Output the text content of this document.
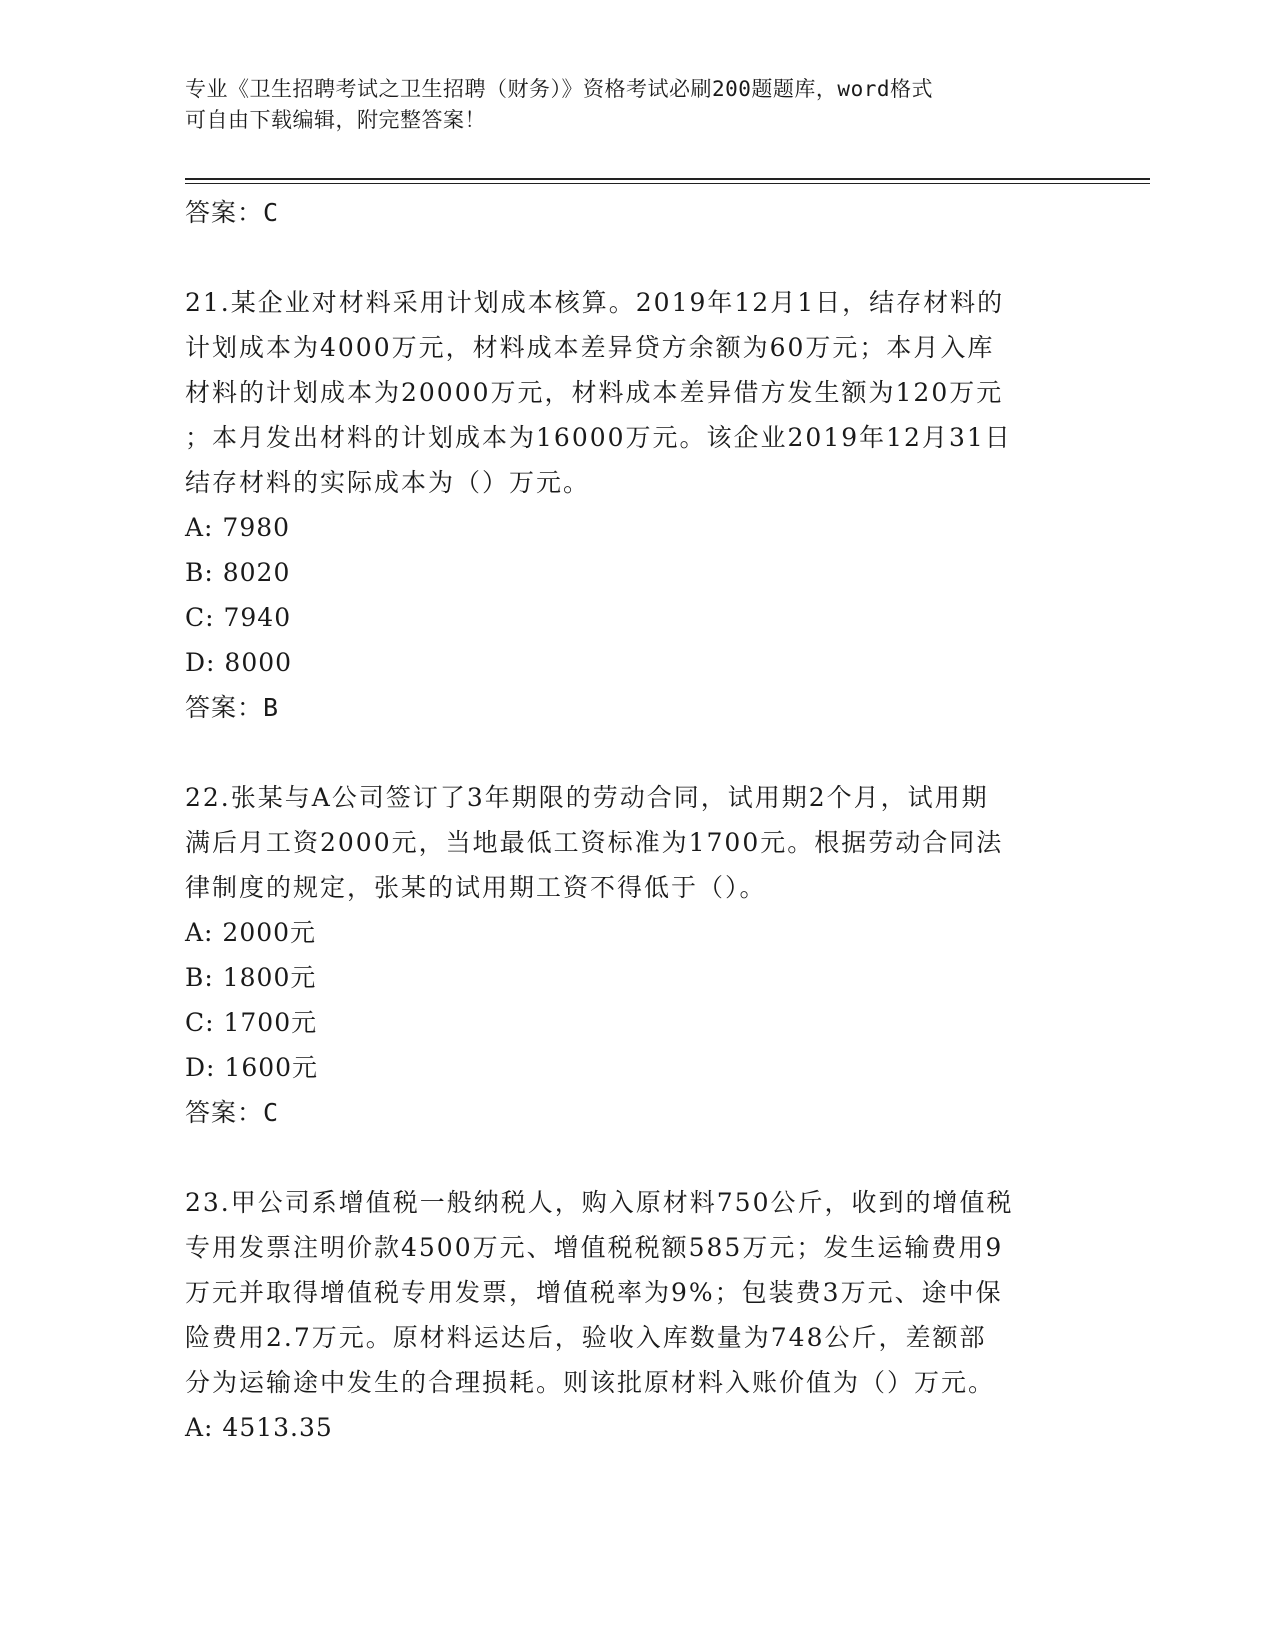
专业《卫生招聘考试之卫生招聘（财务）》资格考试必刷200题题库，word格式
可自由下载编辑，附完整答案！

答案：C

21.某企业对材料采用计划成本核算。2019年12月1日，结存材料的

计划成本为4000万元，材料成本差异贷方余额为60万元；本月入库

材料的计划成本为20000万元，材料成本差异借方发生额为120万元

；本月发出材料的计划成本为16000万元。该企业2019年12月31日

结存材料的实际成本为（）万元。

A: 7980

B: 8020

C: 7940

D: 8000

答案：B

22.张某与A公司签订了3年期限的劳动合同，试用期2个月，试用期

满后月工资2000元，当地最低工资标准为1700元。根据劳动合同法

律制度的规定，张某的试用期工资不得低于（）。

A: 2000元

B: 1800元

C: 1700元

D: 1600元

答案：C

23.甲公司系增值税一般纳税人，购入原材料750公斤，收到的增值税

专用发票注明价款4500万元、增值税税额585万元；发生运输费用9

万元并取得增值税专用发票，增值税率为9%；包装费3万元、途中保

险费用2.7万元。原材料运达后，验收入库数量为748公斤，差额部

分为运输途中发生的合理损耗。则该批原材料入账价值为（）万元。

A: 4513.35
